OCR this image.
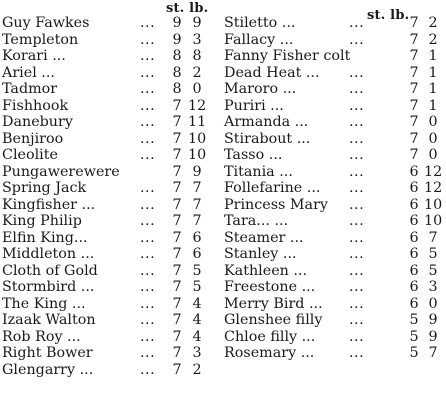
st. lb.
Guy Fawkes	...	9 9
Templeton	...	9 3
Korari ...	...	8 8
Ariel ...	...	8 2
Tadmor	...	8 0
Fishhook	...	7 12
Danebury	...	7 11
Benjiroo	...	7 10
Cleolite	...	7 10
Pungawerewere	7 9
Spring Jack	...	7 7
Kingfisher ...	...	7 7
King Philip	...	7 7
Elfin King...	...	7 6
Middleton ...	...	7 6
Cloth of Gold	...	7 5
Stormbird ...	...	7 5
The King ...	...	7 4
Izaak Walton	...	7 4
Rob Roy ...	...	7 4
Right Bower	...	7 3
Glengarry ...	...	7 2
st. lb.
Stiletto ...	...	7 2
Fallacy ...	...	7 2
Fanny Fisher colt	7 1
Dead Heat ... ...	7 1
Maroro ...	...	7 1
Puriri ...	...	7 1
Armanda ...	...	7 0
Stirabout ...	...	7 0
Tasso ...	...	7 0
Titania ...	...	6 12
Follefarine ... ...	6 12
Princess Mary ...	6 10
Tara... ...	...	6 10
Steamer ...	...	6 7
Stanley ...	...	6 5
Kathleen ...	...	6 5
Freestone ... ...	6 3
Merry Bird ... ...	6 0
Glenshee filly ...	5 9
Chloe filly ... ...	5 9
Rosemary ... ...	5 7
